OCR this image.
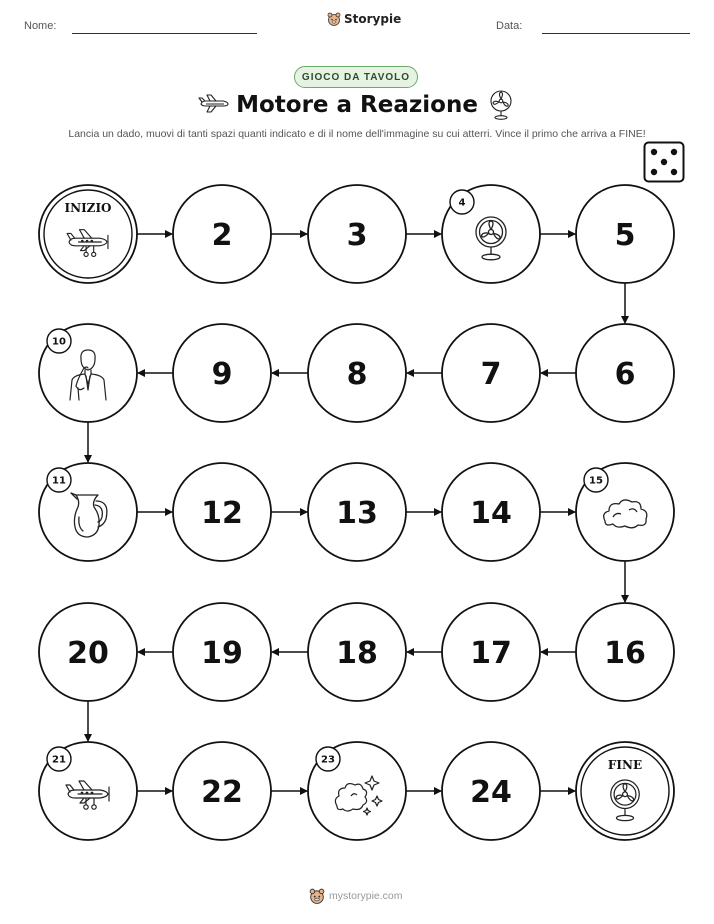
Nome:	Storypie	Data:
GIOCO DA TAVOLO
Motore a Reazione
Lancia un dado, muovi di tanti spazi quanti indicato e di il nome dell'immagine su cui atterri. Vince il primo che arriva a FINE!
INIZIO
2	3
4
5
6
7
8
9
10
11
12	13	14
15
16
17
18
19
20
21
22
23
24
FINE
mystorypie.com
